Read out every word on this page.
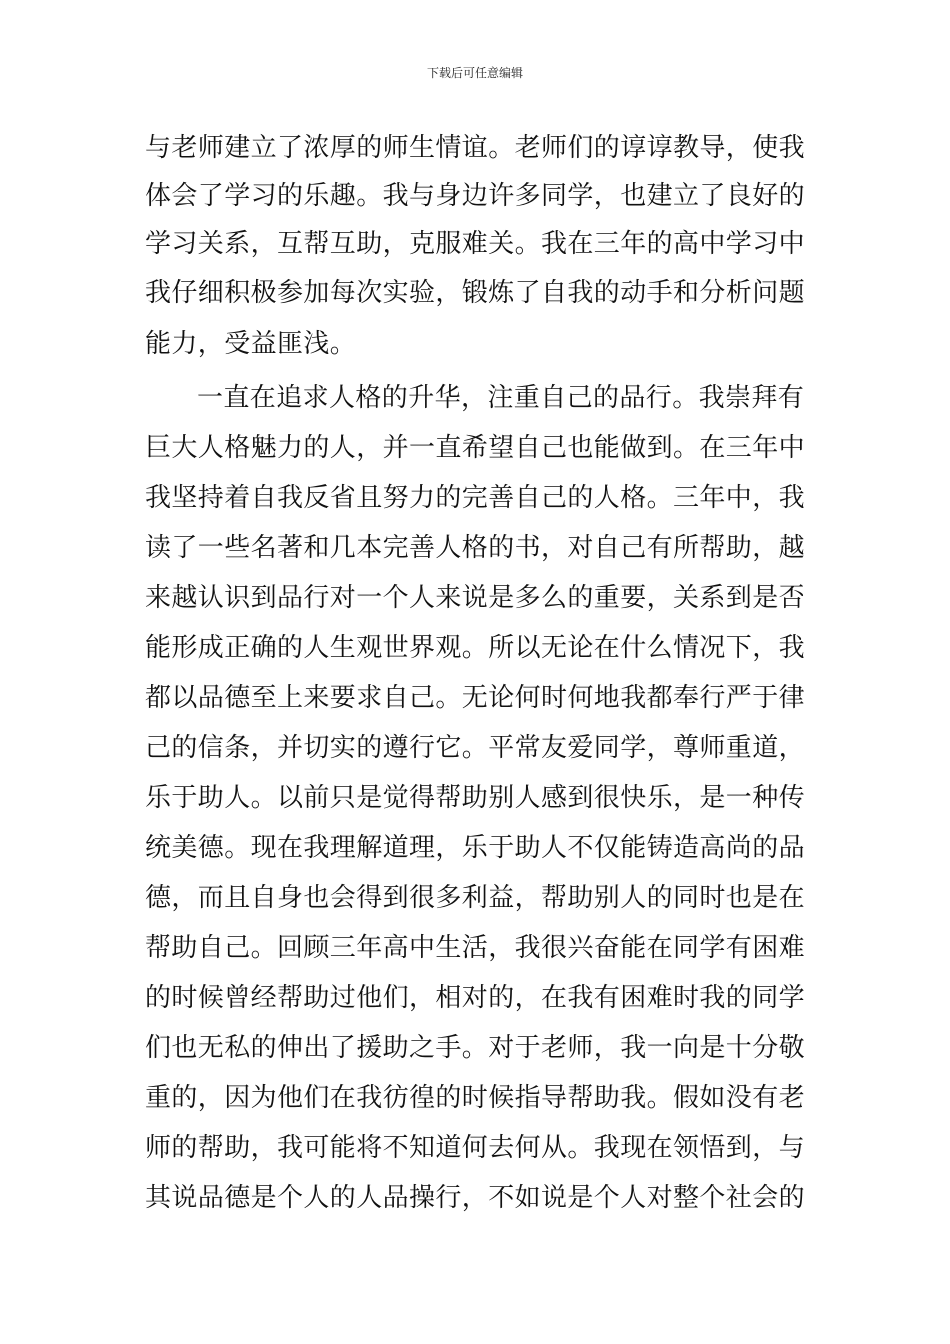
下载后可任意编辑
与老师建立了浓厚的师生情谊。老师们的谆谆教导，使我
体会了学习的乐趣。我与身边许多同学，也建立了良好的
学习关系，互帮互助，克服难关。我在三年的高中学习中
我仔细积极参加每次实验，锻炼了自我的动手和分析问题
能力，受益匪浅。
一直在追求人格的升华，注重自己的品行。我崇拜有
巨大人格魅力的人，并一直希望自己也能做到。在三年中
我坚持着自我反省且努力的完善自己的人格。三年中，我
读了一些名著和几本完善人格的书，对自己有所帮助，越
来越认识到品行对一个人来说是多么的重要，关系到是否
能形成正确的人生观世界观。所以无论在什么情况下，我
都以品德至上来要求自己。无论何时何地我都奉行严于律
己的信条，并切实的遵行它。平常友爱同学，尊师重道，
乐于助人。以前只是觉得帮助别人感到很快乐，是一种传
统美德。现在我理解道理，乐于助人不仅能铸造高尚的品
德，而且自身也会得到很多利益，帮助别人的同时也是在
帮助自己。回顾三年高中生活，我很兴奋能在同学有困难
的时候曾经帮助过他们，相对的，在我有困难时我的同学
们也无私的伸出了援助之手。对于老师，我一向是十分敬
重的，因为他们在我彷徨的时候指导帮助我。假如没有老
师的帮助，我可能将不知道何去何从。我现在领悟到，与
其说品德是个人的人品操行，不如说是个人对整个社会的
